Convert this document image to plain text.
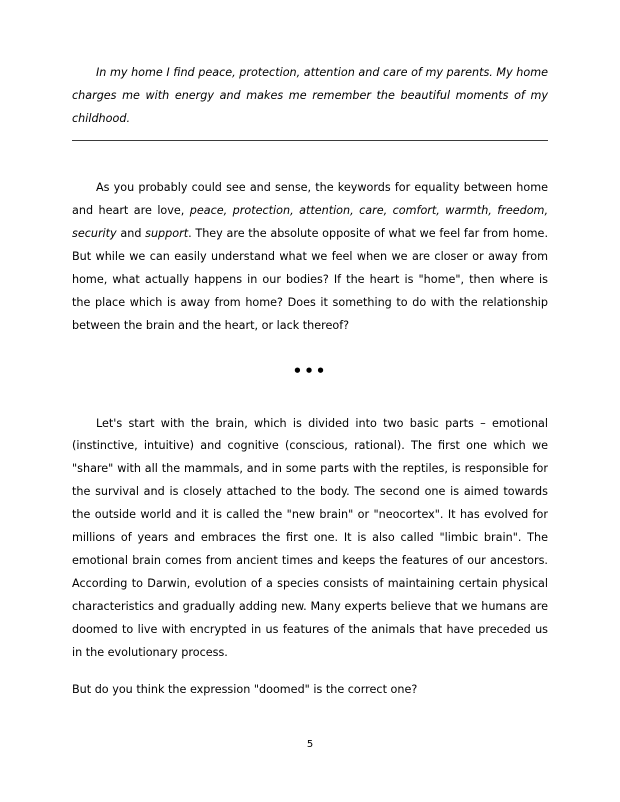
In my home I find peace, protection, attention and care of my parents. My home charges me with energy and makes me remember the beautiful moments of my childhood.

As you probably could see and sense, the keywords for equality between home and heart are love, peace, protection, attention, care, comfort, warmth, freedom, security and support. They are the absolute opposite of what we feel far from home. But while we can easily understand what we feel when we are closer or away from home, what actually happens in our bodies? If the heart is "home", then where is the place which is away from home? Does it something to do with the relationship between the brain and the heart, or lack thereof?

•••

Let's start with the brain, which is divided into two basic parts – emotional (instinctive, intuitive) and cognitive (conscious, rational). The first one which we "share" with all the mammals, and in some parts with the reptiles, is responsible for the survival and is closely attached to the body. The second one is aimed towards the outside world and it is called the "new brain" or "neocortex". It has evolved for millions of years and embraces the first one. It is also called "limbic brain". The emotional brain comes from ancient times and keeps the features of our ancestors. According to Darwin, evolution of a species consists of maintaining certain physical characteristics and gradually adding new. Many experts believe that we humans are doomed to live with encrypted in us features of the animals that have preceded us in the evolutionary process.

But do you think the expression "doomed" is the correct one?

5
